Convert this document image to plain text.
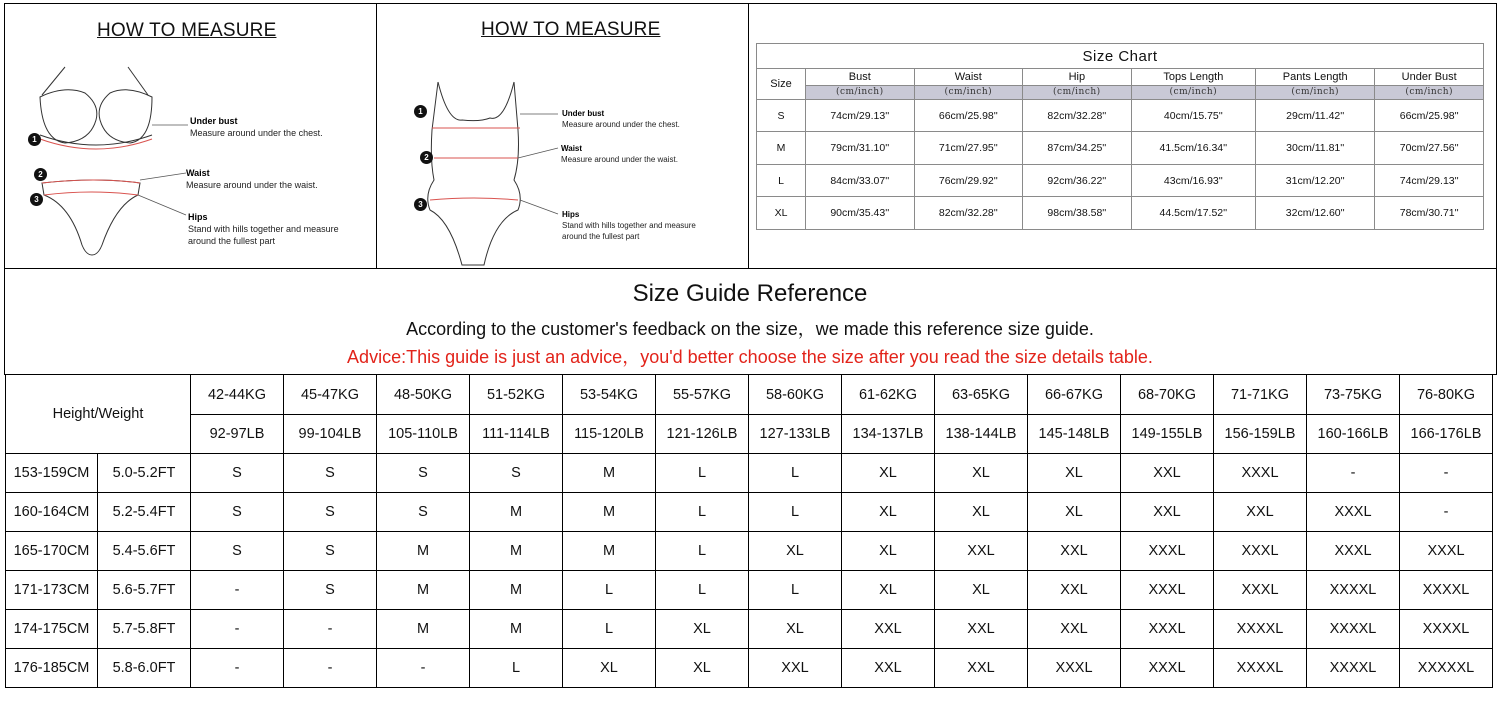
HOW TO MEASURE
1
2
3
Under bust
Measure around under the chest.
Waist
Measure around under the waist.
Hips
Stand with hills together and measure
around the fullest part
HOW TO MEASURE
1
2
3
Under bust
Measure around under the chest.
Waist
Measure around under the waist.
Hips
Stand with hills together and measure
around the fullest part
Size Chart						
Size	Bust	Waist	Hip	Tops Length	Pants Length	Under Bust
	(cm/inch)	(cm/inch)	(cm/inch)	(cm/inch)	(cm/inch)	(cm/inch)
S	74cm/29.13''	66cm/25.98''	82cm/32.28''	40cm/15.75''	29cm/11.42''	66cm/25.98''
M	79cm/31.10''	71cm/27.95''	87cm/34.25''	41.5cm/16.34''	30cm/11.81''	70cm/27.56''
L	84cm/33.07''	76cm/29.92''	92cm/36.22''	43cm/16.93''	31cm/12.20''	74cm/29.13''
XL	90cm/35.43''	82cm/32.28''	98cm/38.58''	44.5cm/17.52''	32cm/12.60''	78cm/30.71''
Size Guide Reference
According to the customer's feedback on the size，we made this reference size guide.
Advice:This guide is just an advice，you'd better choose the size after you read the size details table.
Height/Weight		42-44KG	45-47KG	48-50KG	51-52KG	53-54KG	55-57KG	58-60KG	61-62KG	63-65KG	66-67KG	68-70KG	71-71KG	73-75KG	76-80KG
		92-97LB	99-104LB	105-110LB	111-114LB	115-120LB	121-126LB	127-133LB	134-137LB	138-144LB	145-148LB	149-155LB	156-159LB	160-166LB	166-176LB
153-159CM	5.0-5.2FT	S	S	S	S	M	L	L	XL	XL	XL	XXL	XXXL	-	-
160-164CM	5.2-5.4FT	S	S	S	M	M	L	L	XL	XL	XL	XXL	XXL	XXXL	-
165-170CM	5.4-5.6FT	S	S	M	M	M	L	XL	XL	XXL	XXL	XXXL	XXXL	XXXL	XXXL
171-173CM	5.6-5.7FT	-	S	M	M	L	L	L	XL	XL	XXL	XXXL	XXXL	XXXXL	XXXXL
174-175CM	5.7-5.8FT	-	-	M	M	L	XL	XL	XXL	XXL	XXL	XXXL	XXXXL	XXXXL	XXXXL
176-185CM	5.8-6.0FT	-	-	-	L	XL	XL	XXL	XXL	XXL	XXXL	XXXL	XXXXL	XXXXL	XXXXXL
